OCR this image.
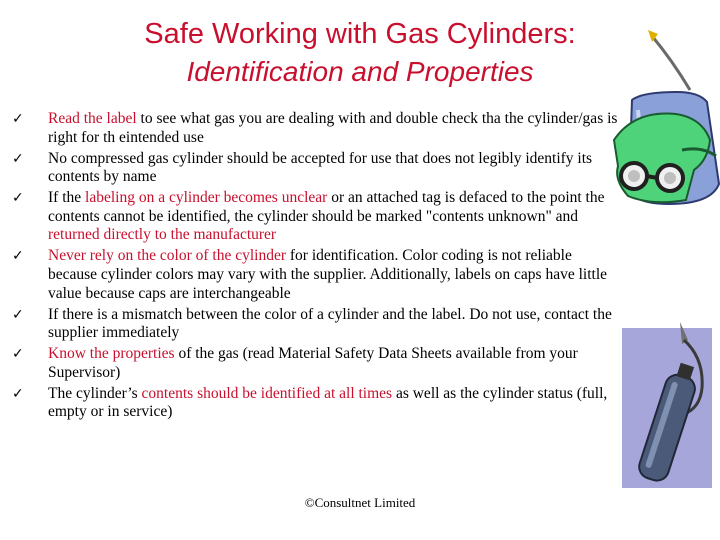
Safe Working with Gas Cylinders:
Identification and Properties
✓ Read the label to see what gas you are dealing with and double check tha the cylinder/gas is right for th eintended use
✓ No compressed gas cylinder should be accepted for use that does not legibly identify its contents by name
✓ If the labeling on a cylinder becomes unclear or an attached tag is defaced to the point the contents cannot be identified, the cylinder should be marked "contents unknown" and returned directly to the manufacturer
✓ Never rely on the color of the cylinder for identification. Color coding is not reliable because cylinder colors may vary with the supplier. Additionally, labels on caps have little value because caps are interchangeable
✓ If there is a mismatch between the color of a cylinder and the label. Do not use, contact the supplier immediately
✓ Know the properties of the gas (read Material Safety Data Sheets available from your Supervisor)
✓ The cylinder’s contents should be identified at all times as well as the cylinder status (full, empty or in service)
©Consultnet Limited
